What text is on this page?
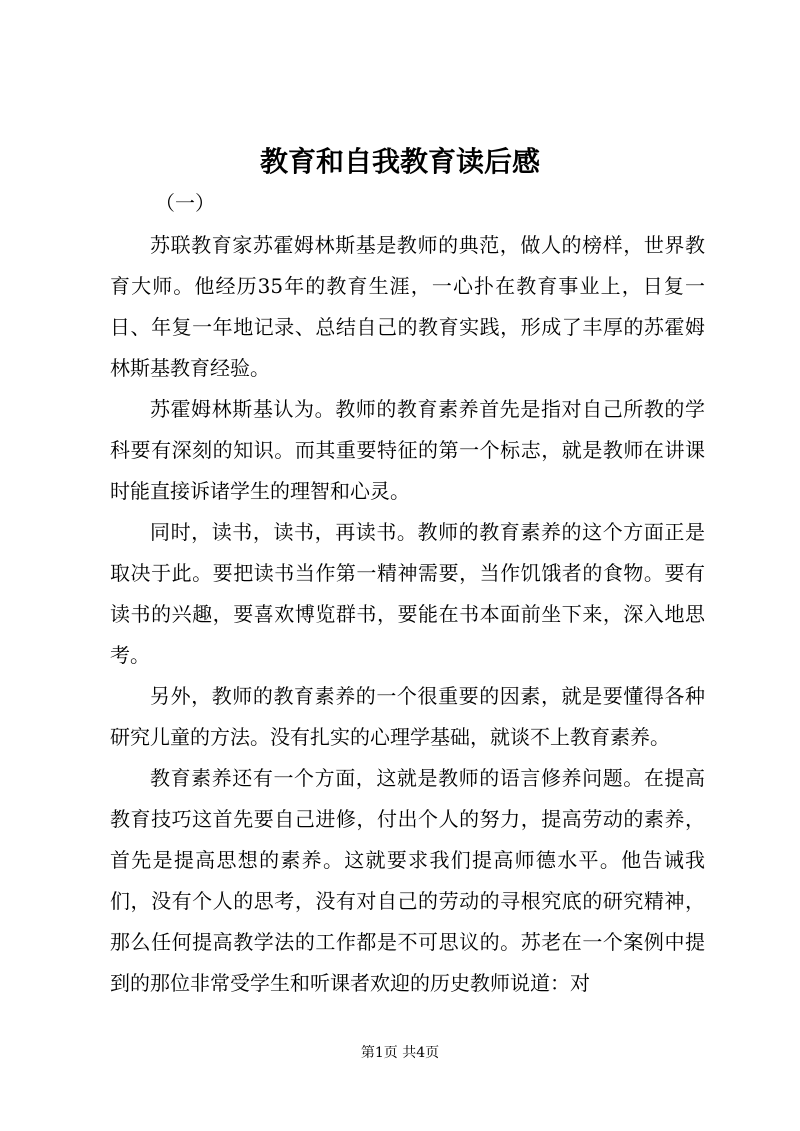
教育和自我教育读后感

（一）

苏联教育家苏霍姆林斯基是教师的典范，做人的榜样，世界教育大师。他经历35年的教育生涯，一心扑在教育事业上，日复一日、年复一年地记录、总结自己的教育实践，形成了丰厚的苏霍姆林斯基教育经验。

苏霍姆林斯基认为。教师的教育素养首先是指对自己所教的学科要有深刻的知识。而其重要特征的第一个标志，就是教师在讲课时能直接诉诸学生的理智和心灵。

同时，读书，读书，再读书。教师的教育素养的这个方面正是取决于此。要把读书当作第一精神需要，当作饥饿者的食物。要有读书的兴趣，要喜欢博览群书，要能在书本面前坐下来，深入地思考。

另外，教师的教育素养的一个很重要的因素，就是要懂得各种研究儿童的方法。没有扎实的心理学基础，就谈不上教育素养。

教育素养还有一个方面，这就是教师的语言修养问题。在提高教育技巧这首先要自己进修，付出个人的努力，提高劳动的素养，首先是提高思想的素养。这就要求我们提高师德水平。他告诫我们，没有个人的思考，没有对自己的劳动的寻根究底的研究精神，那么任何提高教学法的工作都是不可思议的。苏老在一个案例中提到的那位非常受学生和听课者欢迎的历史教师说道：对

第1页 共4页
